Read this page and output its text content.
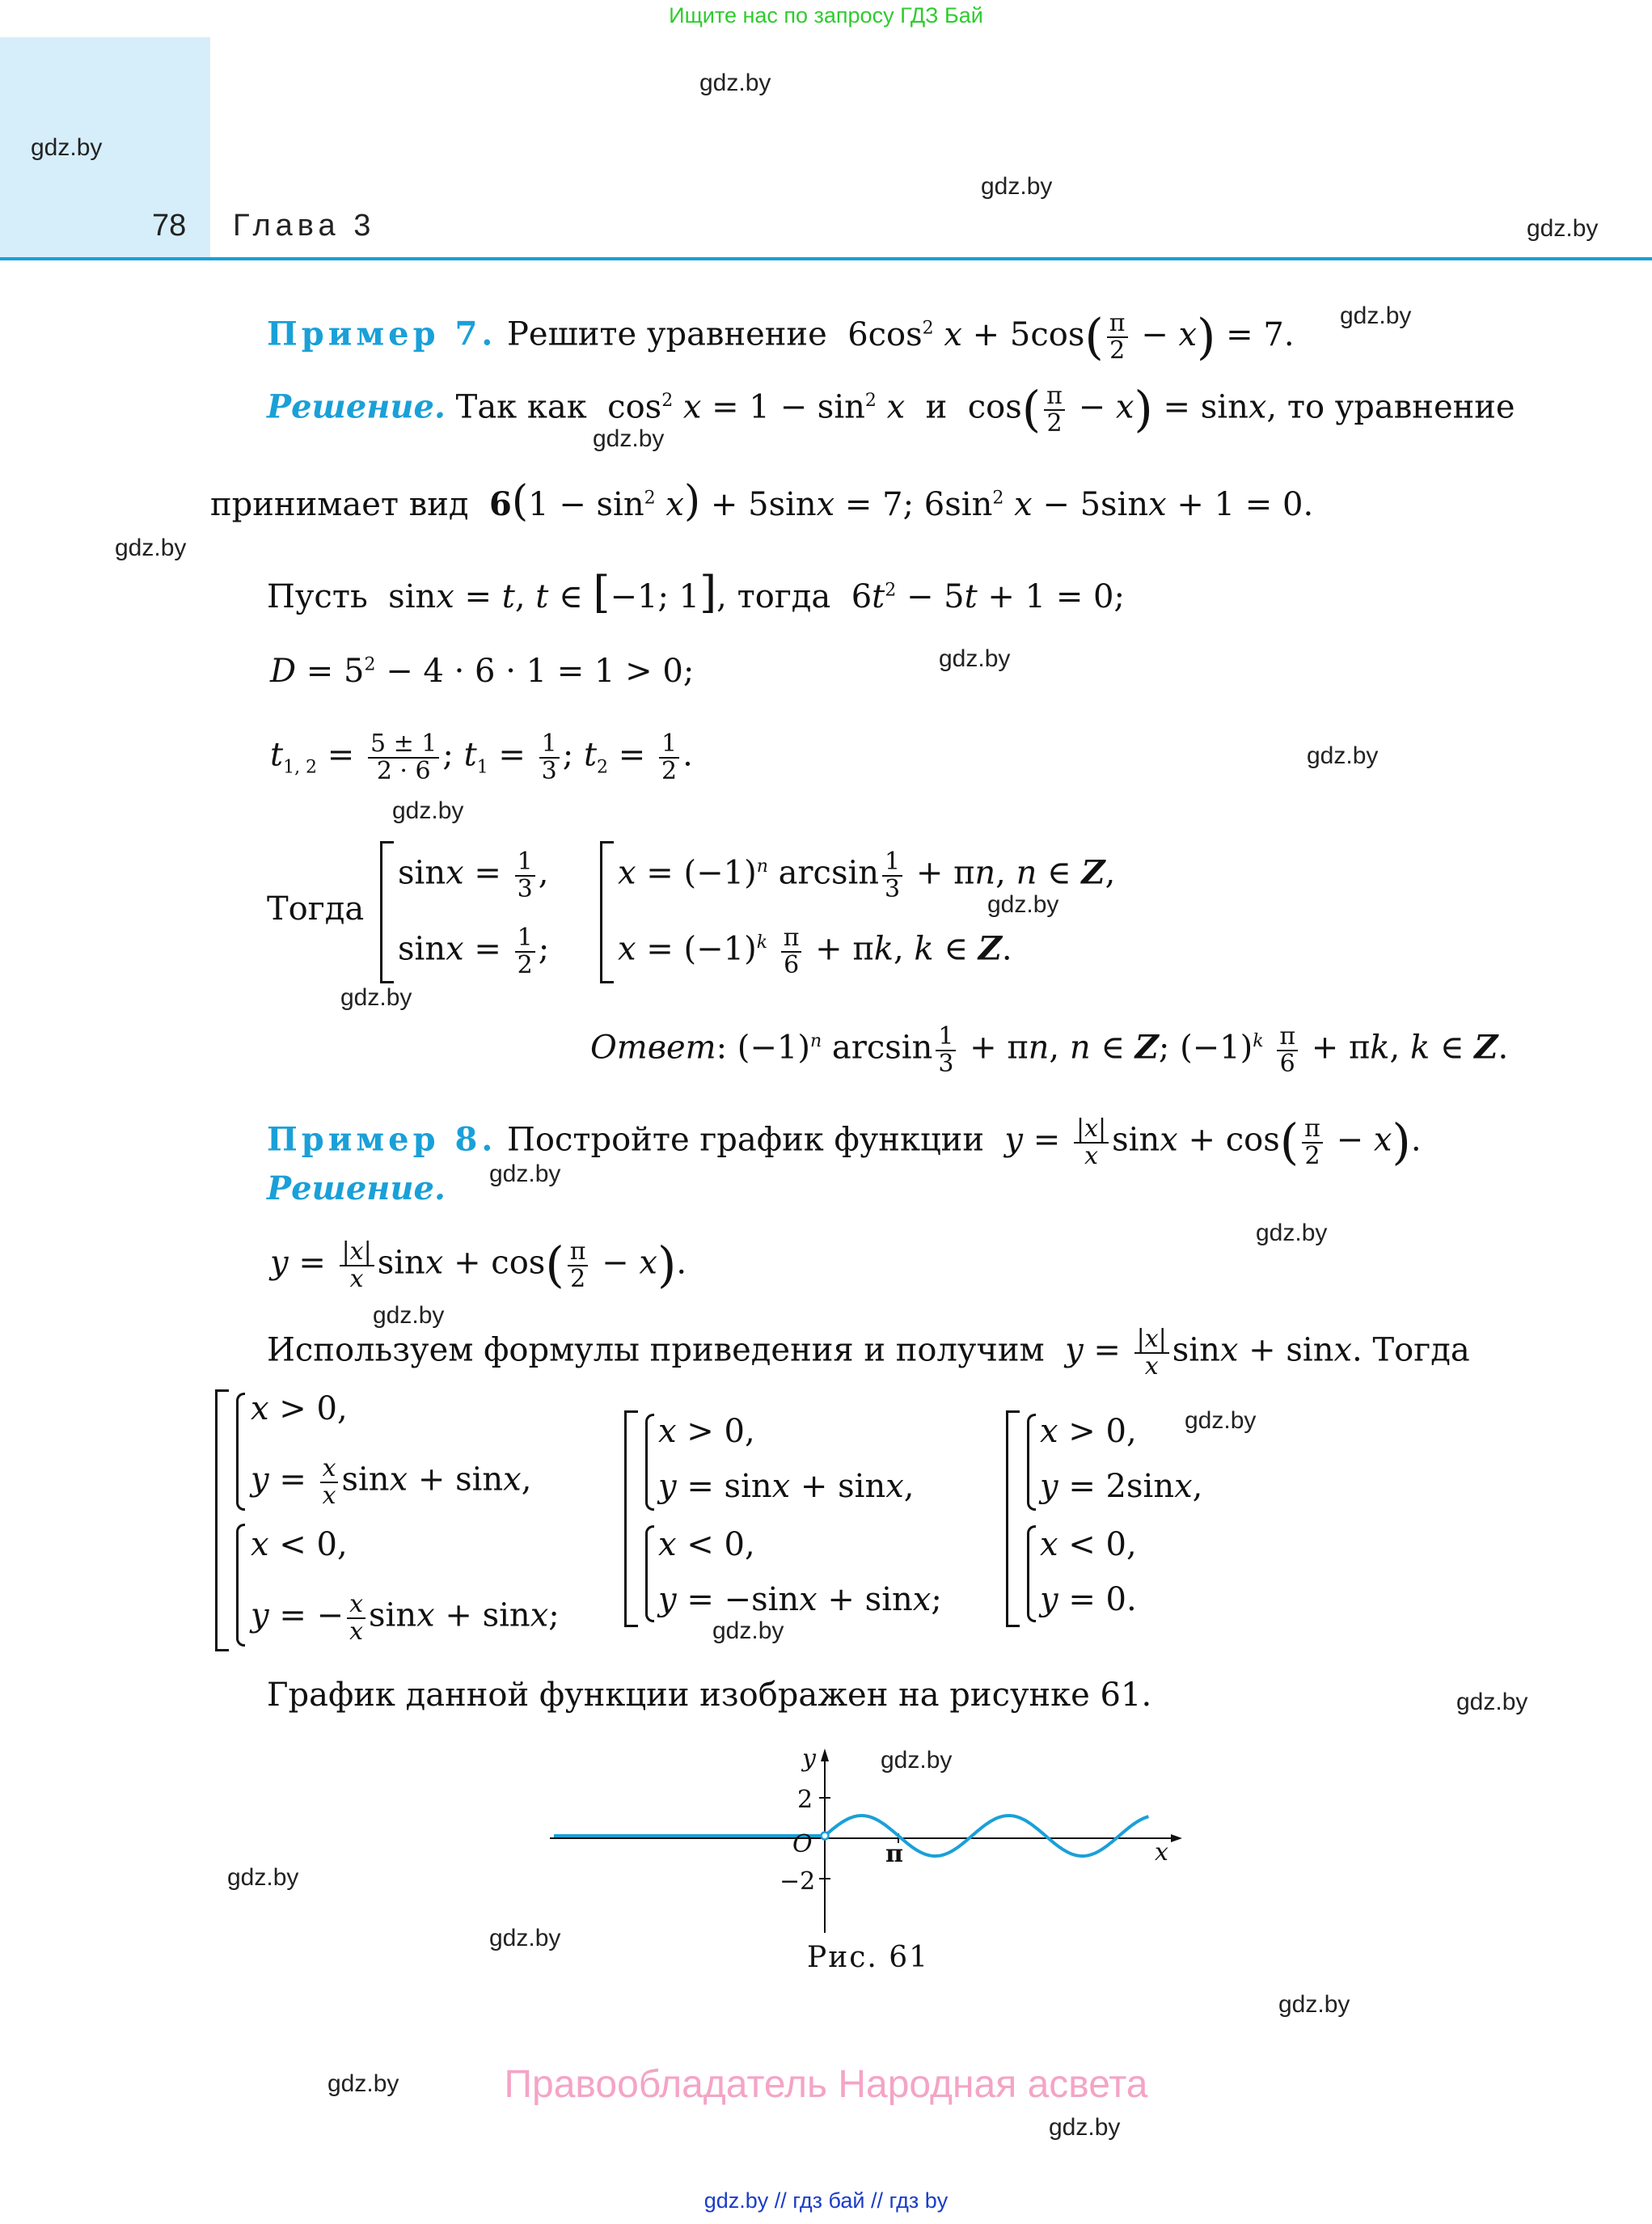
Ищите нас по запросу ГДЗ Бай
78 Глава 3
gdz.by
gdz.by
gdz.by
gdz.by
gdz.by
gdz.by
gdz.by
gdz.by
gdz.by
gdz.by
gdz.by
gdz.by
gdz.by
gdz.by
gdz.by
gdz.by
gdz.by
gdz.by
gdz.by
gdz.by
gdz.by
gdz.by
gdz.by
gdz.by
Пример 7. Решите уравнение  $6\cos^2$ $x + 5\cos( \frac{\pi}{2} - x) = 7$.
Решение. Так как  $\cos^2 x = 1 - \sin^2 x$ и  $\cos( \frac{\pi}{2} - x) = \sin x$, то уравнение
принимает вид $6(1 - \sin^2 x) + 5\sin x = 7$; $6\sin^2$ x − 5sinx + 1 = 0.
Пусть  sinx = t, t ∈ [−1; 1], тогда  $6t^2 - 5t + 1 = 0$;
$D = 5^2 - 4 \cdot 6 \cdot 1 = 1 > 0$;
$t_{1, 2} = \frac{5 \pm 1}{2 \cdot 6}$ ; $t_1 = \frac{1}{3}$ ; $t_2 = \frac{1}{2}$ .
Тогда
$\sin x = \frac{1}{3}$ ,
$\sin x = \frac{1}{2}$ ;
$x = (-1)^n$ $\arcsin \frac{1}{3} + \pi n$, n ∈ Z,
$x = (-1)^k \frac{\pi}{6} + \pi k$, k ∈ Z.
Ответ: $(-1)^n$ $\arcsin \frac{1}{3} + \pi n$, n ∈ Z; $(-1)^k \frac{\pi}{6} + \pi k$, k ∈ Z.
Пример 8. Постройте график функции $y = \frac{|x|}{x}$ $\sin x + \cos( \frac{\pi}{2} - x)$.
Решение.
$y = \frac{|x|}{x}$ $\sin x + \cos( \frac{\pi}{2} - x)$.
Используем формулы приведения и получим $y = \frac{|x|}{x}$ sinx + sinx. Тогда
x > 0,
$y = \frac{x}{x}$ sinx + sinx,
x < 0,
y = − $\frac{x}{x}$ sinx + sinx;
x > 0,
y = sinx + sinx,
x < 0,
y = −sinx + sinx;
x > 0,
y = 2sinx,
x < 0,
y = 0.
График данной функции изображен на рисунке 61.
y
2
O
−2
π	x
Рис. 61
Правообладатель Народная асвета
gdz.by // гдз бай // гдз by
